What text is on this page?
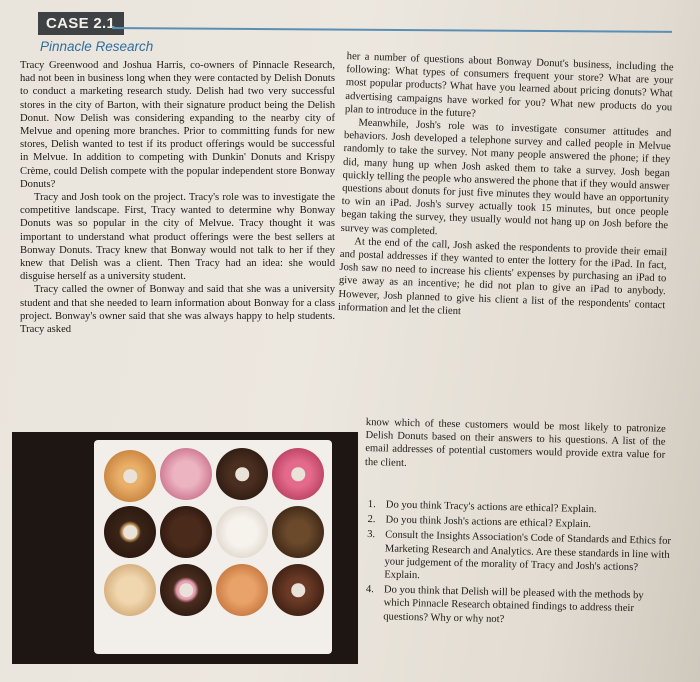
CASE 2.1
Pinnacle Research

Tracy Greenwood and Joshua Harris, co-owners of Pinnacle Research, had not been in business long when they were contacted by Delish Donuts to conduct a marketing research study. Delish had two very successful stores in the city of Barton, with their signature product being the Delish Donut. Now Delish was considering expanding to the nearby city of Melvue and opening more branches. Prior to committing funds for new stores, Delish wanted to test if its product offerings would be successful in Melvue. In addition to competing with Dunkin' Donuts and Krispy Crème, could Delish compete with the popular independent store Bonway Donuts?

Tracy and Josh took on the project. Tracy's role was to investigate the competitive landscape. First, Tracy wanted to determine why Bonway Donuts was so popular in the city of Melvue. Tracy thought it was important to understand what product offerings were the best sellers at Bonway Donuts. Tracy knew that Bonway would not talk to her if they knew that Delish was a client. Then Tracy had an idea: she would disguise herself as a university student.

Tracy called the owner of Bonway and said that she was a university student and that she needed to learn information about Bonway for a class project. Bonway's owner said that she was always happy to help students. Tracy asked

her a number of questions about Bonway Donut's business, including the following: What types of consumers frequent your store? What are your most popular products? What have you learned about pricing donuts? What advertising campaigns have worked for you? What new products do you plan to introduce in the future?

Meanwhile, Josh's role was to investigate consumer attitudes and behaviors. Josh developed a telephone survey and called people in Melvue randomly to take the survey. Not many people answered the phone; if they did, many hung up when Josh asked them to take a survey. Josh began quickly telling the people who answered the phone that if they would answer questions about donuts for just five minutes they would have an opportunity to win an iPad. Josh's survey actually took 15 minutes, but once people began taking the survey, they usually would not hang up on Josh before the survey was completed.

At the end of the call, Josh asked the respondents to provide their email and postal addresses if they wanted to enter the lottery for the iPad. In fact, Josh saw no need to increase his clients' expenses by purchasing an iPad to give away as an incentive; he did not plan to give an iPad to anybody. However, Josh planned to give his client a list of the respondents' contact information and let the client

know which of these customers would be most likely to patronize Delish Donuts based on their answers to his questions. A list of the email addresses of potential customers would provide extra value for the client.

1. Do you think Tracy's actions are ethical? Explain.
2. Do you think Josh's actions are ethical? Explain.
3. Consult the Insights Association's Code of Standards and Ethics for Marketing Research and Analytics. Are these standards in line with your judgement of the morality of Tracy and Josh's actions? Explain.
4. Do you think that Delish will be pleased with the methods by which Pinnacle Research obtained findings to address their questions? Why or why not?
